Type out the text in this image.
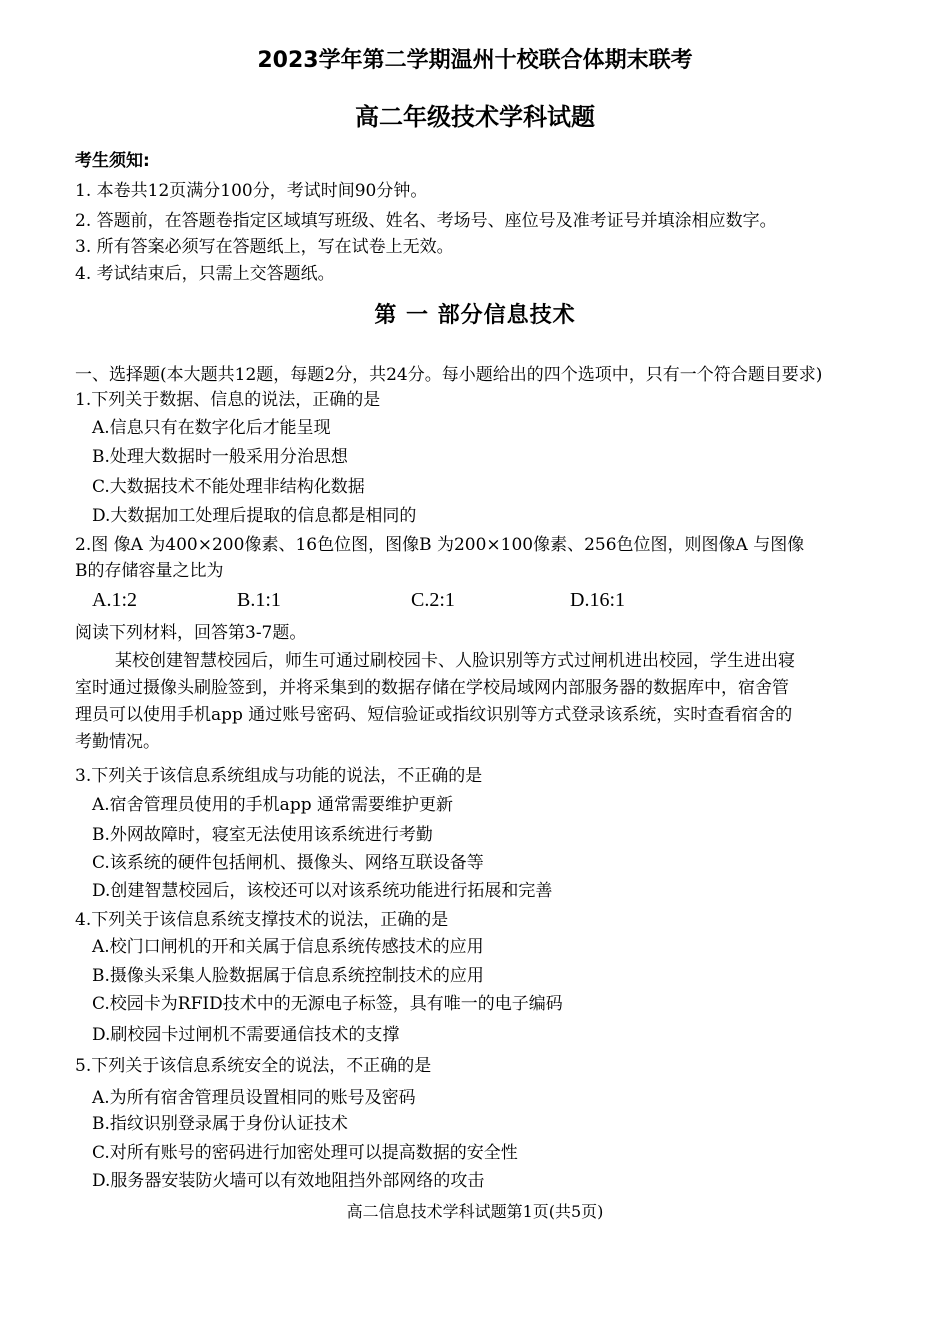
2023学年第二学期温州十校联合体期末联考
高二年级技术学科试题
考生须知:
1. 本卷共12页满分100分，考试时间90分钟。
2. 答题前，在答题卷指定区域填写班级、姓名、考场号、座位号及准考证号并填涂相应数字。
3. 所有答案必须写在答题纸上，写在试卷上无效。
4. 考试结束后，只需上交答题纸。
第 一 部分信息技术
一、选择题(本大题共12题，每题2分，共24分。每小题给出的四个选项中，只有一个符合题目要求)
1.下列关于数据、信息的说法，正确的是
A.信息只有在数字化后才能呈现
B.处理大数据时一般采用分治思想
C.大数据技术不能处理非结构化数据
D.大数据加工处理后提取的信息都是相同的
2.图 像A 为400×200像素、16色位图，图像B 为200×100像素、256色位图，则图像A 与图像
B的存储容量之比为
A.1:2	B.1:1	C.2:1	D.16:1
阅读下列材料，回答第3-7题。
某校创建智慧校园后，师生可通过刷校园卡、人脸识别等方式过闸机进出校园，学生进出寝
室时通过摄像头刷脸签到，并将采集到的数据存储在学校局域网内部服务器的数据库中，宿舍管
理员可以使用手机app 通过账号密码、短信验证或指纹识别等方式登录该系统，实时查看宿舍的
考勤情况。
3.下列关于该信息系统组成与功能的说法，不正确的是
A.宿舍管理员使用的手机app 通常需要维护更新
B.外网故障时，寝室无法使用该系统进行考勤
C.该系统的硬件包括闸机、摄像头、网络互联设备等
D.创建智慧校园后，该校还可以对该系统功能进行拓展和完善
4.下列关于该信息系统支撑技术的说法，正确的是
A.校门口闸机的开和关属于信息系统传感技术的应用
B.摄像头采集人脸数据属于信息系统控制技术的应用
C.校园卡为RFID技术中的无源电子标签，具有唯一的电子编码
D.刷校园卡过闸机不需要通信技术的支撑
5.下列关于该信息系统安全的说法，不正确的是
A.为所有宿舍管理员设置相同的账号及密码
B.指纹识别登录属于身份认证技术
C.对所有账号的密码进行加密处理可以提高数据的安全性
D.服务器安装防火墙可以有效地阻挡外部网络的攻击
高二信息技术学科试题第1页(共5页)
